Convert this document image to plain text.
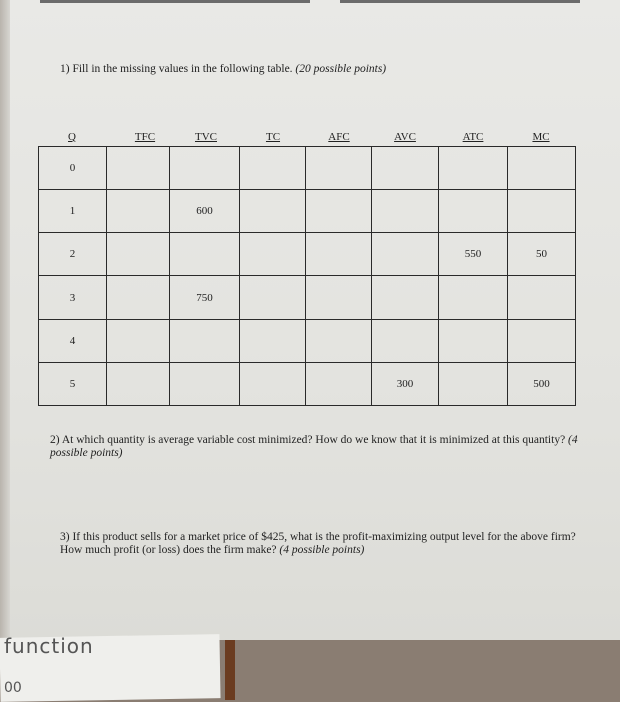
1) Fill in the missing values in the following table. (20 possible points)
Q	TFC	TVC	TC	AFC	AVC	ATC	MC
0							
1		600					
2						550	50
3		750					
4							
5					300		500
2) At which quantity is average variable cost minimized? How do we know that it is minimized at this quantity? (4 possible points)
3) If this product sells for a market price of $425, what is the profit-maximizing output level for the above firm? How much profit (or loss) does the firm make? (4 possible points)
function
00
